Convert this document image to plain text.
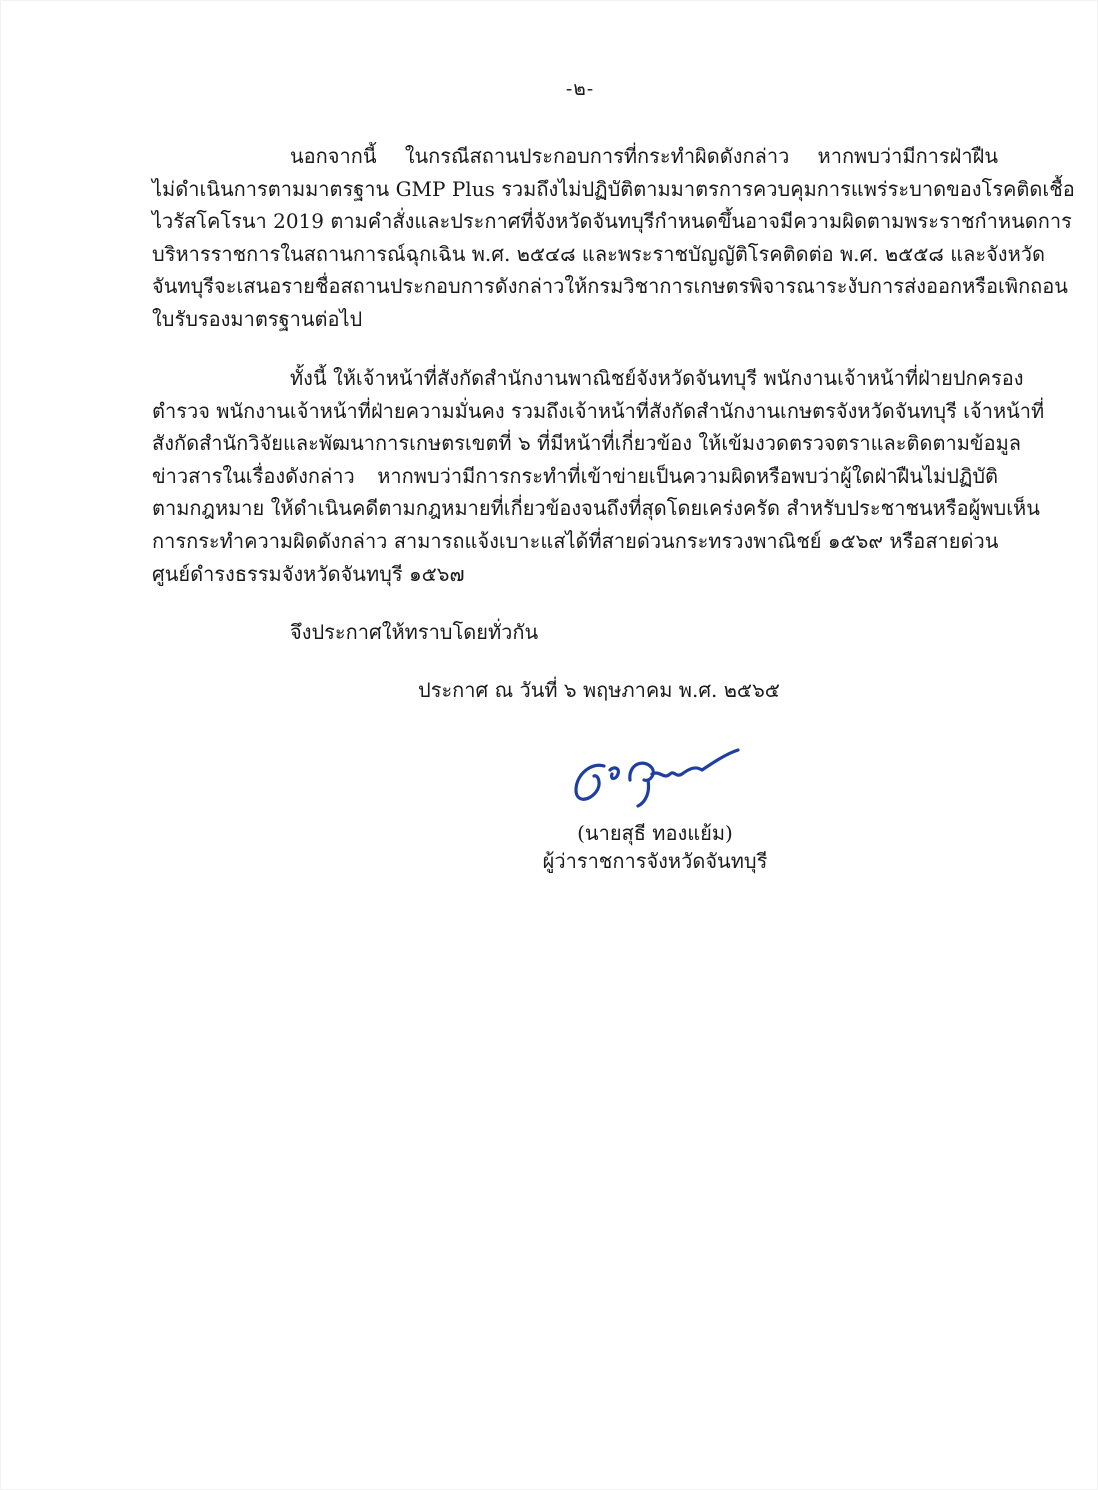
-๒-
นอกจากนี้ ในกรณีสถานประกอบการที่กระทำผิดดังกล่าว หากพบว่ามีการฝ่าฝืน
ไม่ดำเนินการตามมาตรฐาน GMP Plus รวมถึงไม่ปฏิบัติตามมาตรการควบคุมการแพร่ระบาดของโรคติดเชื้อ
ไวรัสโคโรนา 2019 ตามคำสั่งและประกาศที่จังหวัดจันทบุรีกำหนดขึ้นอาจมีความผิดตามพระราชกำหนดการ
บริหารราชการในสถานการณ์ฉุกเฉิน พ.ศ. ๒๕๔๘ และพระราชบัญญัติโรคติดต่อ พ.ศ. ๒๕๕๘ และจังหวัด
จันทบุรีจะเสนอรายชื่อสถานประกอบการดังกล่าวให้กรมวิชาการเกษตรพิจารณาระงับการส่งออกหรือเพิกถอน
ใบรับรองมาตรฐานต่อไป
ทั้งนี้ ให้เจ้าหน้าที่สังกัดสำนักงานพาณิชย์จังหวัดจันทบุรี พนักงานเจ้าหน้าที่ฝ่ายปกครอง
ตำรวจ พนักงานเจ้าหน้าที่ฝ่ายความมั่นคง รวมถึงเจ้าหน้าที่สังกัดสำนักงานเกษตรจังหวัดจันทบุรี เจ้าหน้าที่
สังกัดสำนักวิจัยและพัฒนาการเกษตรเขตที่ ๖ ที่มีหน้าที่เกี่ยวข้อง ให้เข้มงวดตรวจตราและติดตามข้อมูล
ข่าวสารในเรื่องดังกล่าว หากพบว่ามีการกระทำที่เข้าข่ายเป็นความผิดหรือพบว่าผู้ใดฝ่าฝืนไม่ปฏิบัติ
ตามกฎหมาย ให้ดำเนินคดีตามกฎหมายที่เกี่ยวข้องจนถึงที่สุดโดยเคร่งครัด สำหรับประชาชนหรือผู้พบเห็น
การกระทำความผิดดังกล่าว สามารถแจ้งเบาะแสได้ที่สายด่วนกระทรวงพาณิชย์ ๑๕๖๙ หรือสายด่วน
ศูนย์ดำรงธรรมจังหวัดจันทบุรี ๑๕๖๗

จึงประกาศให้ทราบโดยทั่วกัน

ประกาศ ณ วันที่ ๖ พฤษภาคม พ.ศ. ๒๕๖๕

(นายสุธี ทองแย้ม)

ผู้ว่าราชการจังหวัดจันทบุรี
